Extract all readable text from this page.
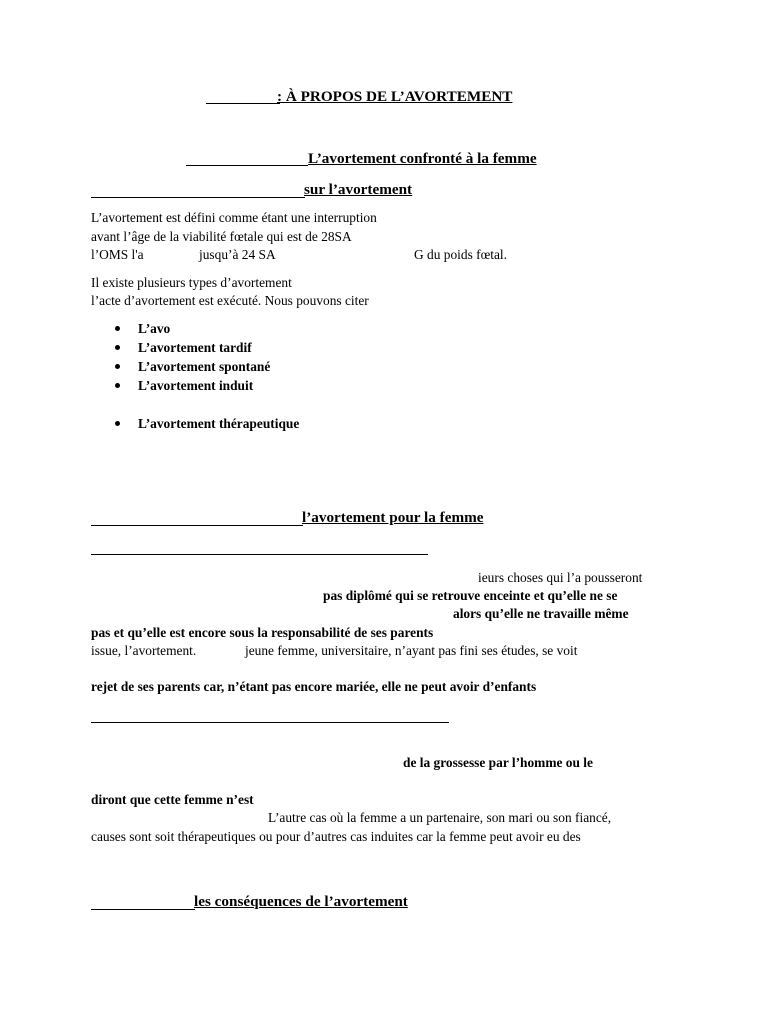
: À PROPOS DE L’AVORTEMENT
L’avortement confronté à la femme
sur l’avortement
L’avortement est défini comme étant une interruption
avant l’âge de la viabilité fœtale qui est de 28SA
l’OMS l'a	jusqu’à 24 SA	G du poids fœtal.
Il existe plusieurs types d’avortement
l’acte d’avortement est exécuté. Nous pouvons citer
L’avo
L’avortement tardif
L’avortement spontané
L’avortement induit
L’avortement thérapeutique
l’avortement pour la femme
ieurs choses qui l’a pousseront
pas diplômé qui se retrouve enceinte et qu’elle ne se
alors qu’elle ne travaille même
pas et qu’elle est encore sous la responsabilité de ses parents
issue, l’avortement.	jeune femme, universitaire, n’ayant pas fini ses études, se voit
rejet de ses parents car, n’étant pas encore mariée, elle ne peut avoir d’enfants
de la grossesse par l’homme ou le
diront que cette femme n’est
L’autre cas où la femme a un partenaire, son mari ou son fiancé,
causes sont soit thérapeutiques ou pour d’autres cas induites car la femme peut avoir eu des
les conséquences de l’avortement
